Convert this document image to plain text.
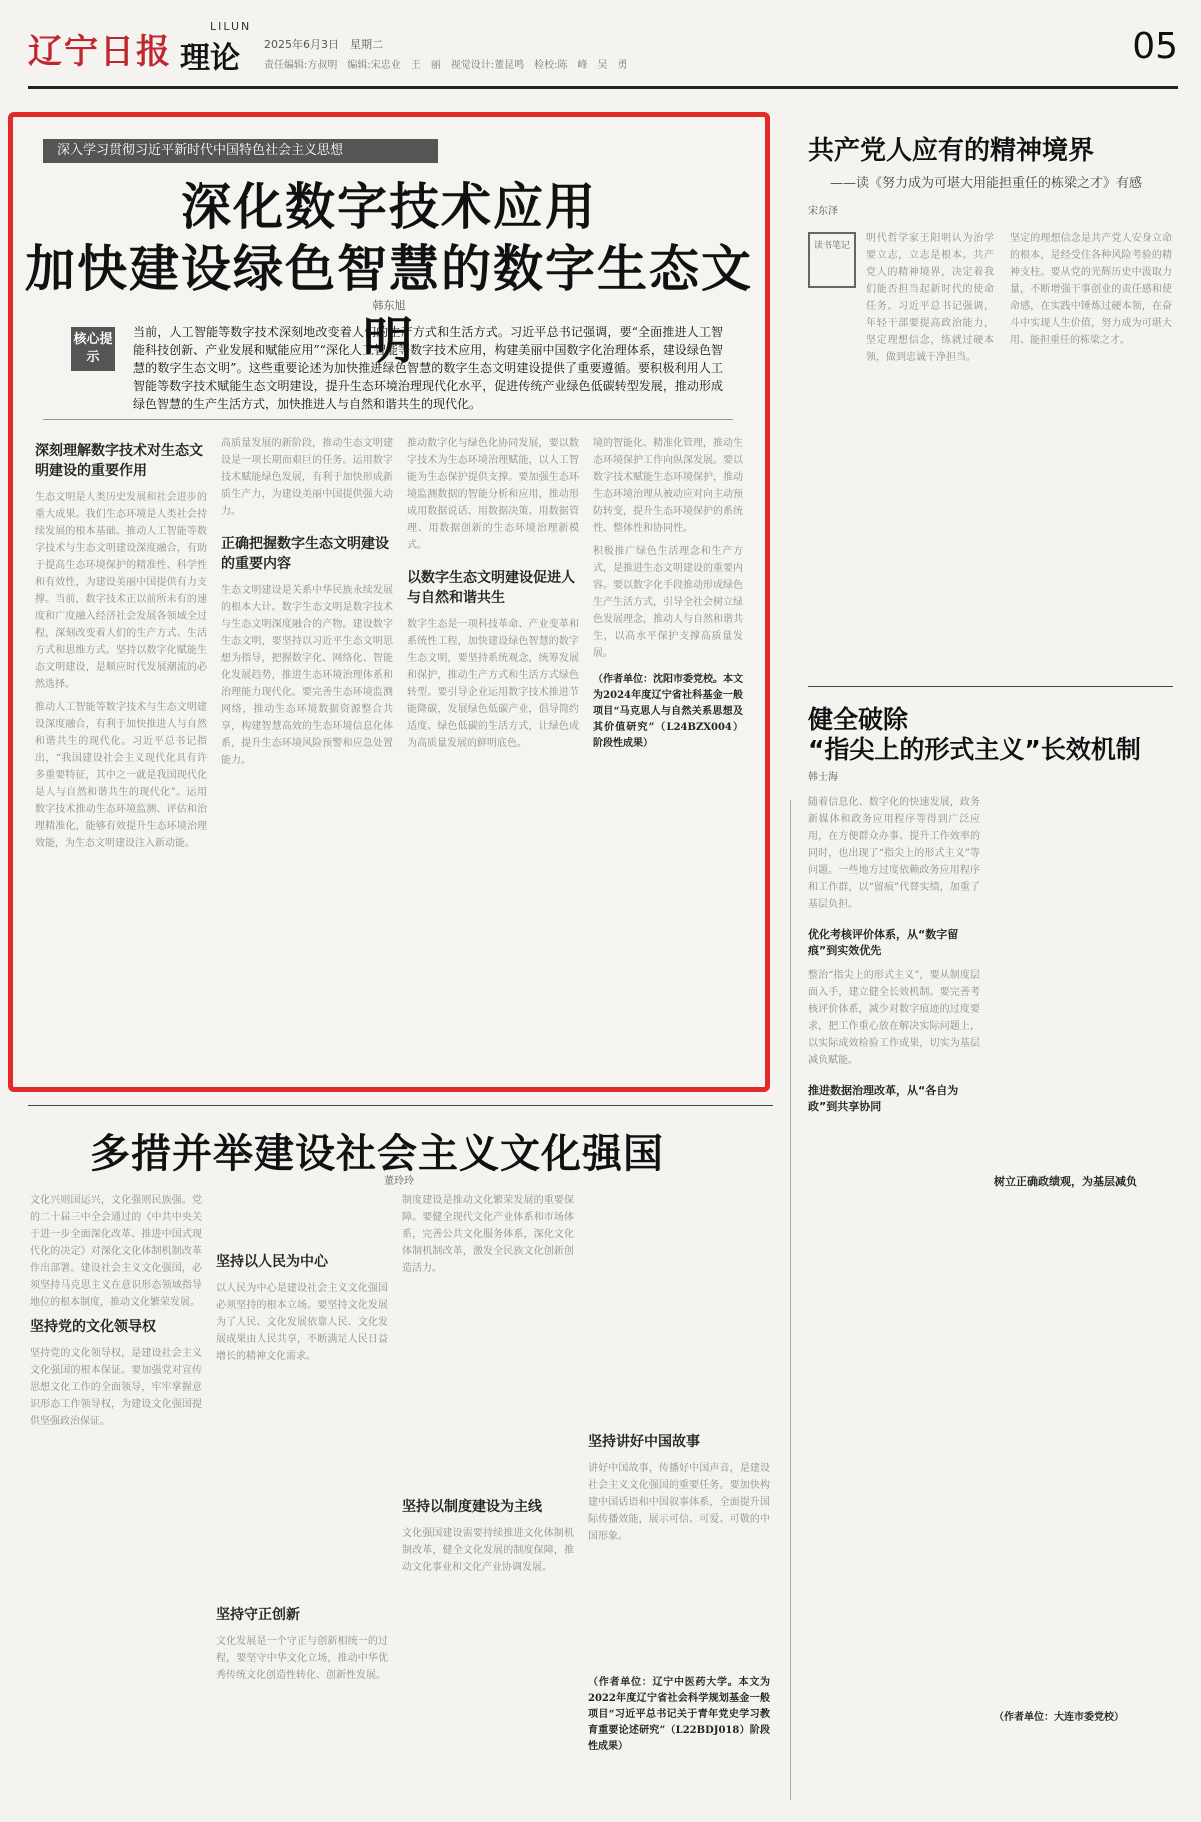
辽宁日报
LILUN
理论	2025年6月3日　星期二
责任编辑:方叔明　编辑:宋忠业　王　丽　视觉设计:董昆鸣　检校:陈　峰　吴　勇	05
深入学习贯彻习近平新时代中国特色社会主义思想
深化数字技术应用
加快建设绿色智慧的数字生态文明
韩东旭
核心提示
当前，人工智能等数字技术深刻地改变着人们的生产方式和生活方式。习近平总书记强调，要“全面推进人工智能科技创新、产业发展和赋能应用”“深化人工智能等数字技术应用，构建美丽中国数字化治理体系，建设绿色智慧的数字生态文明”。这些重要论述为加快推进绿色智慧的数字生态文明建设提供了重要遵循。要积极利用人工智能等数字技术赋能生态文明建设，提升生态环境治理现代化水平，促进传统产业绿色低碳转型发展，推动形成绿色智慧的生产生活方式，加快推进人与自然和谐共生的现代化。
深刻理解数字技术对生态文明建设的重要作用
生态文明是人类历史发展和社会进步的重大成果。我们生态环境是人类社会持续发展的根本基础。推动人工智能等数字技术与生态文明建设深度融合，有助于提高生态环境保护的精准性、科学性和有效性，为建设美丽中国提供有力支撑。当前，数字技术正以前所未有的速度和广度融入经济社会发展各领域全过程，深刻改变着人们的生产方式、生活方式和思维方式。坚持以数字化赋能生态文明建设，是顺应时代发展潮流的必然选择。
推动人工智能等数字技术与生态文明建设深度融合，有利于加快推进人与自然和谐共生的现代化。习近平总书记指出，“我国建设社会主义现代化具有许多重要特征，其中之一就是我国现代化是人与自然和谐共生的现代化”。运用数字技术推动生态环境监测、评估和治理精准化，能够有效提升生态环境治理效能，为生态文明建设注入新动能。
高质量发展的新阶段，推动生态文明建设是一项长期而艰巨的任务。运用数字技术赋能绿色发展，有利于加快形成新质生产力，为建设美丽中国提供强大动力。
正确把握数字生态文明建设的重要内容
生态文明建设是关系中华民族永续发展的根本大计。数字生态文明是数字技术与生态文明深度融合的产物。建设数字生态文明，要坚持以习近平生态文明思想为指导，把握数字化、网络化、智能化发展趋势，推进生态环境治理体系和治理能力现代化。要完善生态环境监测网络，推动生态环境数据资源整合共享，构建智慧高效的生态环境信息化体系，提升生态环境风险预警和应急处置能力。
推动数字化与绿色化协同发展，要以数字技术为生态环境治理赋能，以人工智能为生态保护提供支撑。要加强生态环境监测数据的智能分析和应用，推动形成用数据说话、用数据决策、用数据管理、用数据创新的生态环境治理新模式。
以数字生态文明建设促进人与自然和谐共生
数字生态是一项科技革命、产业变革和系统性工程，加快建设绿色智慧的数字生态文明，要坚持系统观念，统筹发展和保护，推动生产方式和生活方式绿色转型。要引导企业运用数字技术推进节能降碳，发展绿色低碳产业，倡导简约适度、绿色低碳的生活方式，让绿色成为高质量发展的鲜明底色。
境的智能化、精准化管理，推动生态环境保护工作向纵深发展。要以数字技术赋能生态环境保护，推动生态环境治理从被动应对向主动预防转变，提升生态环境保护的系统性、整体性和协同性。
积极推广绿色生活理念和生产方式，是推进生态文明建设的重要内容。要以数字化手段推动形成绿色生产生活方式，引导全社会树立绿色发展理念，推动人与自然和谐共生，以高水平保护支撑高质量发展。
（作者单位：沈阳市委党校。本文为2024年度辽宁省社科基金一般项目“马克思人与自然关系思想及其价值研究”（L24BZX004）阶段性成果）
共产党人应有的精神境界
——读《努力成为可堪大用能担重任的栋梁之才》有感
宋东泽
读书笔记
明代哲学家王阳明认为治学要立志，立志是根本。共产党人的精神境界，决定着我们能否担当起新时代的使命任务。习近平总书记强调，年轻干部要提高政治能力，坚定理想信念，练就过硬本领，做到忠诚干净担当。
坚定的理想信念是共产党人安身立命的根本，是经受住各种风险考验的精神支柱。要从党的光辉历史中汲取力量，不断增强干事创业的责任感和使命感，在实践中锤炼过硬本领，在奋斗中实现人生价值，努力成为可堪大用、能担重任的栋梁之才。
健全破除
“指尖上的形式主义”长效机制
韩士海
随着信息化、数字化的快速发展，政务新媒体和政务应用程序等得到广泛应用，在方便群众办事、提升工作效率的同时，也出现了“指尖上的形式主义”等问题。一些地方过度依赖政务应用程序和工作群，以“留痕”代替实绩，加重了基层负担。
优化考核评价体系，从“数字留痕”到实效优先
整治“指尖上的形式主义”，要从制度层面入手，建立健全长效机制。要完善考核评价体系，减少对数字痕迹的过度要求，把工作重心放在解决实际问题上，以实际成效检验工作成果，切实为基层减负赋能。
推进数据治理改革，从“各自为政”到共享协同
树立正确政绩观，为基层减负
（作者单位：大连市委党校）
多措并举建设社会主义文化强国
董玲玲
文化兴则国运兴，文化强则民族强。党的二十届三中全会通过的《中共中央关于进一步全面深化改革、推进中国式现代化的决定》对深化文化体制机制改革作出部署。建设社会主义文化强国，必须坚持马克思主义在意识形态领域指导地位的根本制度，推动文化繁荣发展。
坚持党的文化领导权
坚持党的文化领导权，是建设社会主义文化强国的根本保证。要加强党对宣传思想文化工作的全面领导，牢牢掌握意识形态工作领导权，为建设文化强国提供坚强政治保证。
坚持以人民为中心
以人民为中心是建设社会主义文化强国必须坚持的根本立场。要坚持文化发展为了人民、文化发展依靠人民、文化发展成果由人民共享，不断满足人民日益增长的精神文化需求。
坚持守正创新
文化发展是一个守正与创新相统一的过程，要坚守中华文化立场，推动中华优秀传统文化创造性转化、创新性发展。
制度建设是推动文化繁荣发展的重要保障。要健全现代文化产业体系和市场体系，完善公共文化服务体系，深化文化体制机制改革，激发全民族文化创新创造活力。
坚持以制度建设为主线
文化强国建设需要持续推进文化体制机制改革，健全文化发展的制度保障，推动文化事业和文化产业协调发展。
坚持讲好中国故事
讲好中国故事，传播好中国声音，是建设社会主义文化强国的重要任务。要加快构建中国话语和中国叙事体系，全面提升国际传播效能，展示可信、可爱、可敬的中国形象。
（作者单位：辽宁中医药大学。本文为2022年度辽宁省社会科学规划基金一般项目“习近平总书记关于青年党史学习教育重要论述研究”（L22BDJ018）阶段性成果）
